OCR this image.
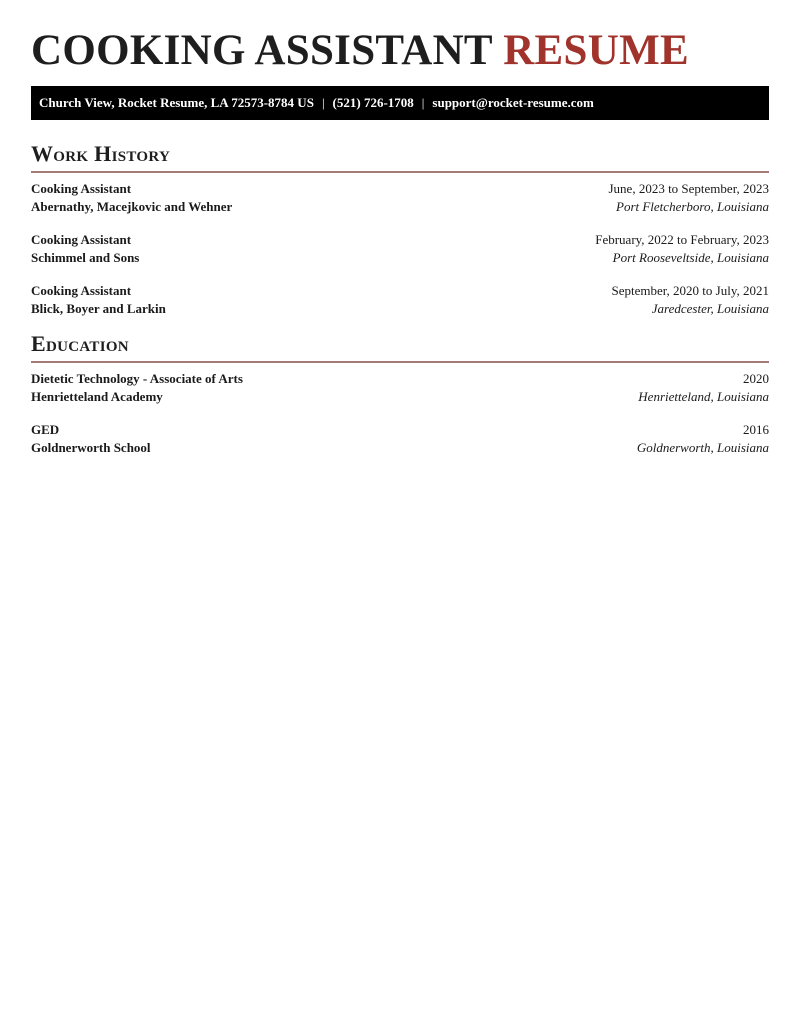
COOKING ASSISTANT RESUME
Church View, Rocket Resume, LA 72573-8784 US | (521) 726-1708 | support@rocket-resume.com
Work History
Cooking Assistant	June, 2023 to September, 2023
Abernathy, Macejkovic and Wehner	Port Fletcherboro, Louisiana
Cooking Assistant	February, 2022 to February, 2023
Schimmel and Sons	Port Rooseveltside, Louisiana
Cooking Assistant	September, 2020 to July, 2021
Blick, Boyer and Larkin	Jaredcester, Louisiana
Education
Dietetic Technology - Associate of Arts	2020
Henrietteland Academy	Henrietteland, Louisiana
GED	2016
Goldnerworth School	Goldnerworth, Louisiana
